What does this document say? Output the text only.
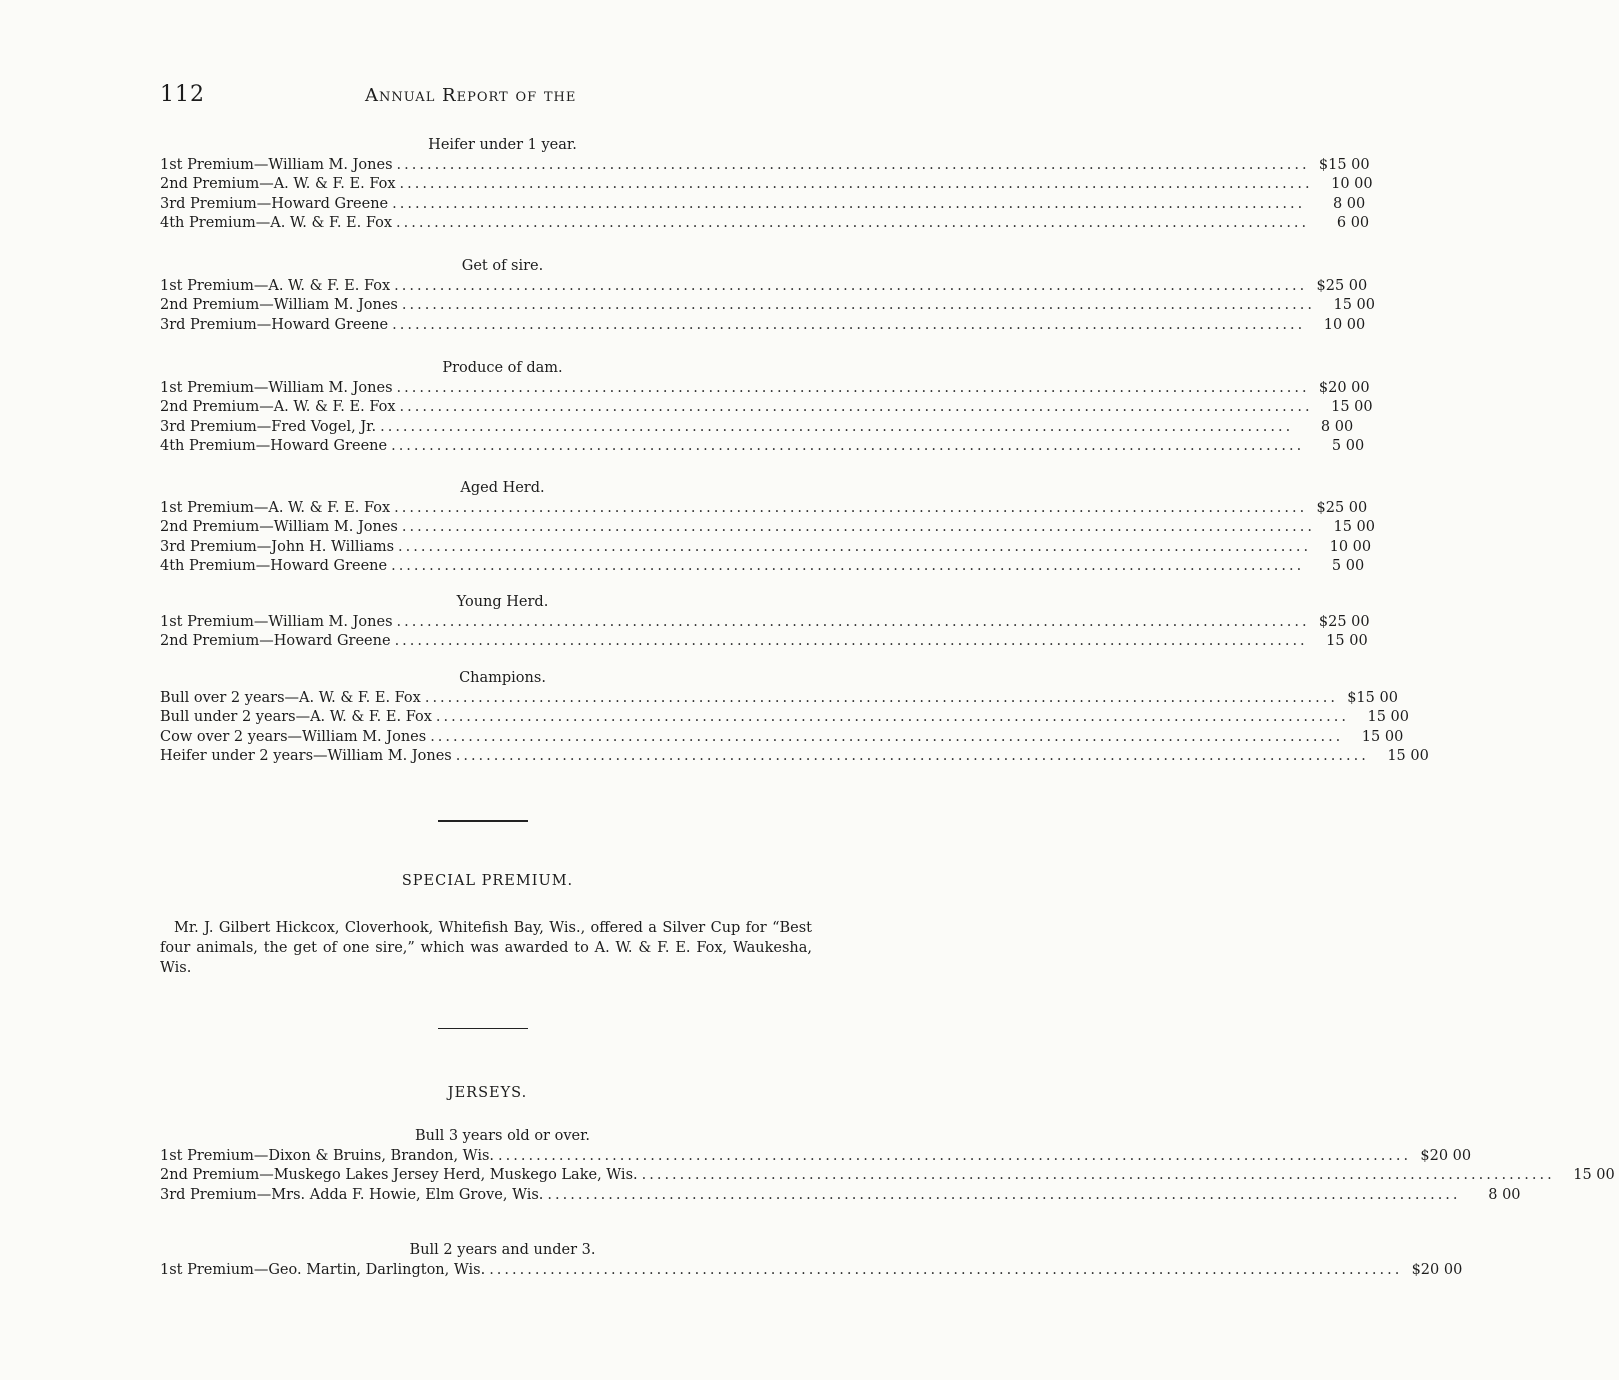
112	Annual Report of the
Heifer under 1 year.
1st Premium—William M. Jones ........................................................................................................................ $15 00
2nd Premium—A. W. & F. E. Fox ........................................................................................................................	10 00
3rd Premium—Howard Greene ........................................................................................................................	8 00
4th Premium—A. W. & F. E. Fox ........................................................................................................................	6 00
Get of sire.
1st Premium—A. W. & F. E. Fox ........................................................................................................................ $25 00
2nd Premium—William M. Jones ........................................................................................................................	15 00
3rd Premium—Howard Greene ........................................................................................................................	10 00
Produce of dam.
1st Premium—William M. Jones ........................................................................................................................ $20 00
2nd Premium—A. W. & F. E. Fox ........................................................................................................................	15 00
3rd Premium—Fred Vogel, Jr. ........................................................................................................................	8 00
4th Premium—Howard Greene ........................................................................................................................	5 00
Aged Herd.
1st Premium—A. W. & F. E. Fox ........................................................................................................................ $25 00
2nd Premium—William M. Jones ........................................................................................................................	15 00
3rd Premium—John H. Williams ........................................................................................................................	10 00
4th Premium—Howard Greene ........................................................................................................................	5 00
Young Herd.
1st Premium—William M. Jones ........................................................................................................................ $25 00
2nd Premium—Howard Greene ........................................................................................................................	15 00
Champions.
Bull over 2 years—A. W. & F. E. Fox ........................................................................................................................ $15 00
Bull under 2 years—A. W. & F. E. Fox ........................................................................................................................	15 00
Cow over 2 years—William M. Jones ........................................................................................................................	15 00
Heifer under 2 years—William M. Jones ........................................................................................................................	15 00
SPECIAL PREMIUM.
Mr. J. Gilbert Hickcox, Cloverhook, Whitefish Bay, Wis., offered a Silver Cup for “Best four animals, the get of one sire,” which was awarded to A. W. & F. E. Fox, Waukesha, Wis.
JERSEYS.
Bull 3 years old or over.
1st Premium—Dixon & Bruins, Brandon, Wis. ........................................................................................................................ $20 00
2nd Premium—Muskego Lakes Jersey Herd, Muskego Lake, Wis. ........................................................................................................................	15 00
3rd Premium—Mrs. Adda F. Howie, Elm Grove, Wis. ........................................................................................................................	8 00
Bull 2 years and under 3.
1st Premium—Geo. Martin, Darlington, Wis. ........................................................................................................................ $20 00
